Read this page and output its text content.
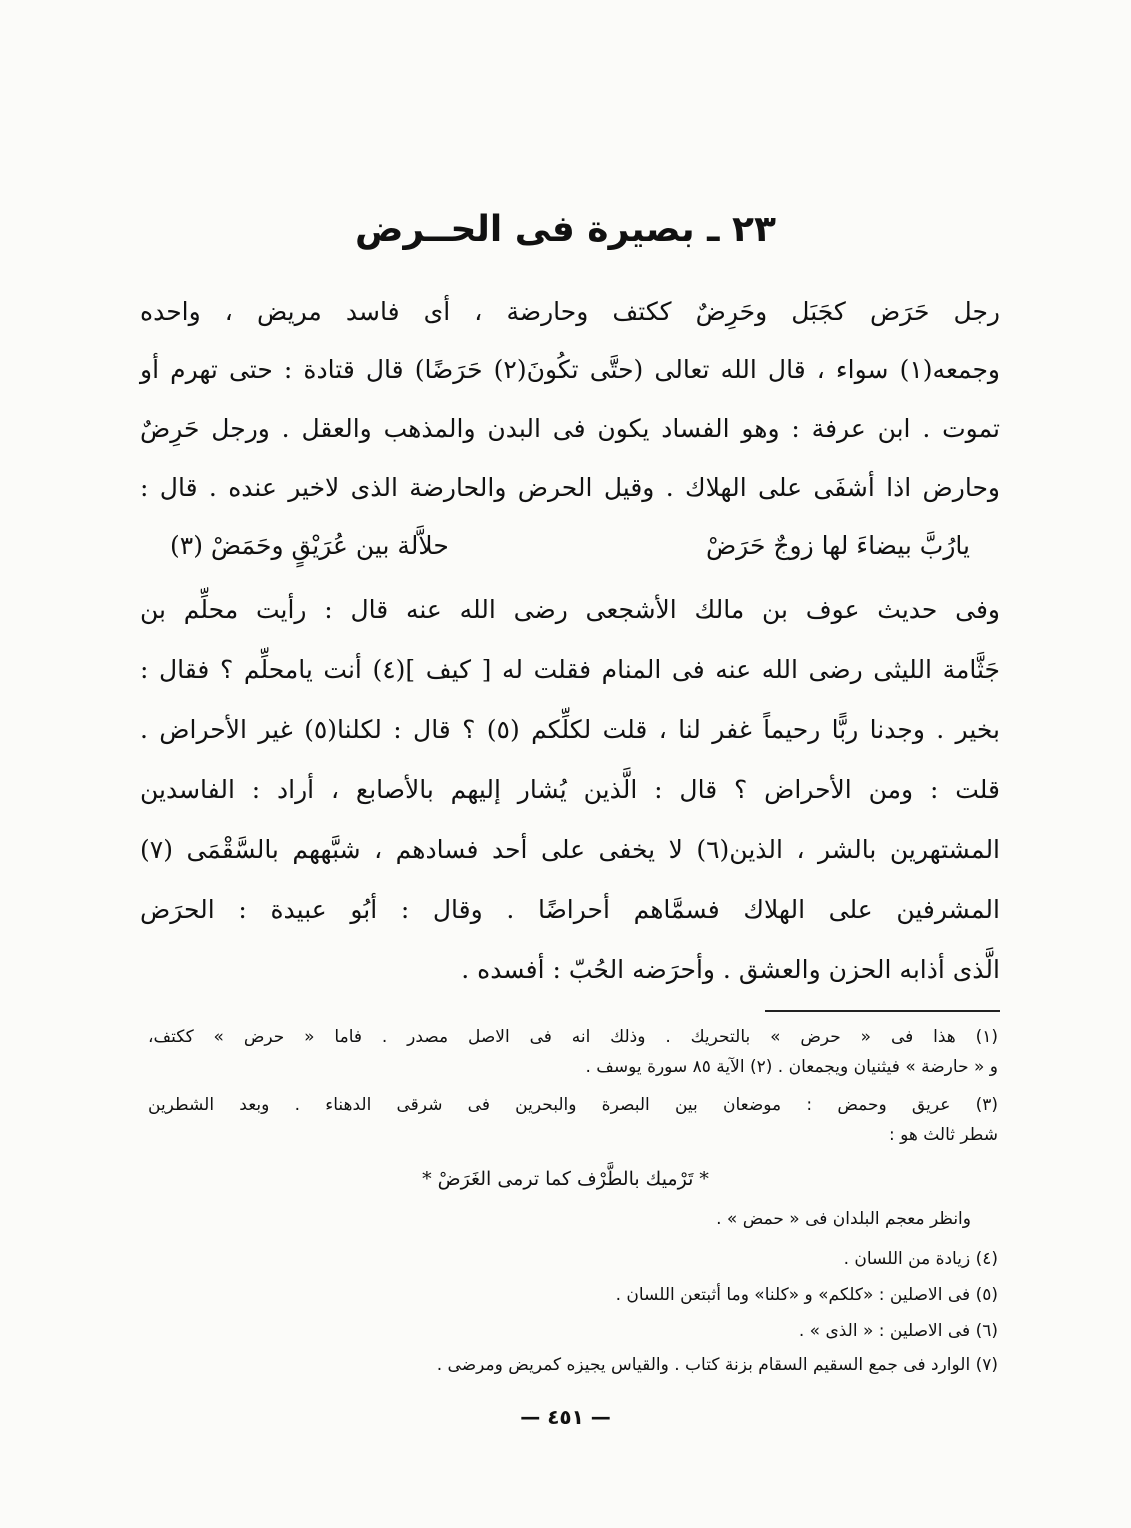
٢٣ ـ بصيرة فى الحــرض
رجل حَرَض كجَبَل وحَرِضٌ ككتف وحارضة ، أى فاسد مريض ، واحده
وجمعه(١) سواء ، قال الله تعالى (حتَّى تكُونَ(٢) حَرَضًا) قال قتادة : حتى تهرم أو
تموت . ابن عرفة : وهو الفساد يكون فى البدن والمذهب والعقل . ورجل حَرِضٌ
وحارض اذا أشفَى على الهلاك . وقيل الحرض والحارضة الذى لاخير عنده . قال :
يارُبَّ بيضاءَ لها زوجٌ حَرَضْ
حلاَّلة بين عُرَيْقٍ وحَمَضْ (٣)
وفى حديث عوف بن مالك الأشجعى رضى الله عنه قال : رأيت محلِّم بن
جَثَّامة الليثى رضى الله عنه فى المنام فقلت له [ كيف ](٤) أنت يامحلِّم ؟ فقال :
بخير . وجدنا ربًّا رحيماً غفر لنا ، قلت لكلِّكم (٥) ؟ قال : لكلنا(٥) غير الأحراض .
قلت : ومن الأحراض ؟ قال : الَّذين يُشار إليهم بالأصابع ، أراد : الفاسدين
المشتهرين بالشر ، الذين(٦) لا يخفى على أحد فسادهم ، شبَّههم بالسَّقْمَى (٧)
المشرفين على الهلاك فسمَّاهم أحراضًا . وقال : أبُو عبيدة : الحرَض
الَّذى أذابه الحزن والعشق . وأحرَضه الحُبّ : أفسده .
(١) هذا فى « حرض » بالتحريك . وذلك انه فى الاصل مصدر . فاما « حرض » ككتف،
و « حارضة » فيثنيان ويجمعان . (٢) الآية ٨٥ سورة يوسف .
(٣) عريق وحمض : موضعان بين البصرة والبحرين فى شرقى الدهناء . وبعد الشطرين
شطر ثالث هو :
* تَرْميك بالطَّرْف كما ترمى الغَرَضْ *
وانظر معجم البلدان فى « حمض » .
(٤) زيادة من اللسان .
(٥) فى الاصلين : «كلكم» و «كلنا» وما أثبتعن اللسان .
(٦) فى الاصلين : « الذى » .
(٧) الوارد فى جمع السقيم السقام بزنة كتاب . والقياس يجيزه كمريض ومرضى .
— ٤٥١ —
